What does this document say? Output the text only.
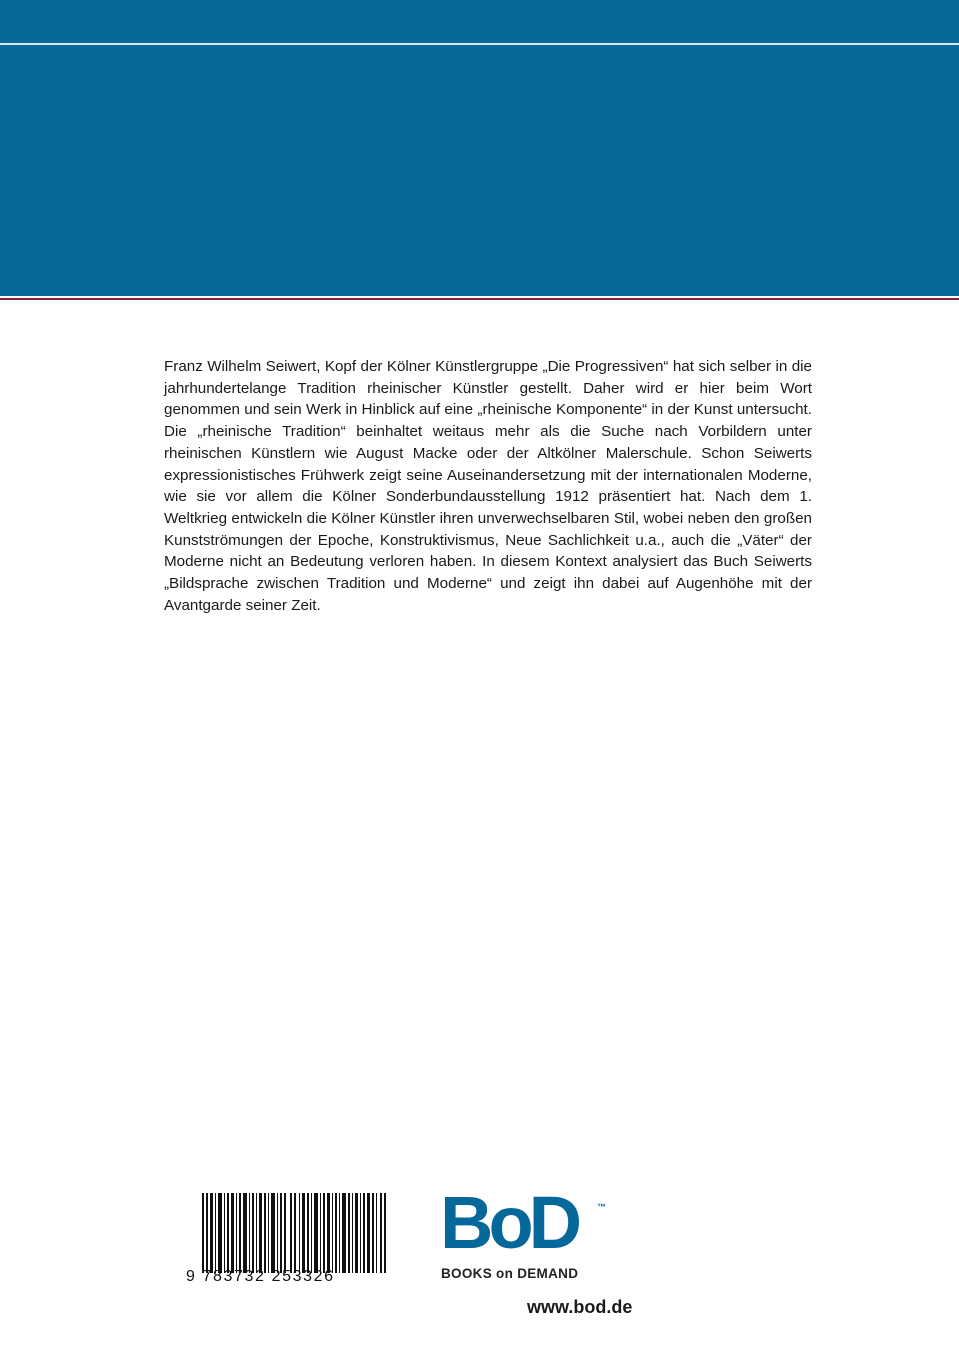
Franz Wilhelm Seiwert, Kopf der Kölner Künstlergruppe „Die Progressiven“ hat sich selber in die jahrhundertelange Tradition rheinischer Künstler gestellt. Daher wird er hier beim Wort genommen und sein Werk in Hinblick auf eine „rheinische Komponente“ in der Kunst untersucht. Die „rheinische Tradition“ beinhaltet weitaus mehr als die Suche nach Vorbildern unter rheinischen Künstlern wie August Macke oder der Altkölner Malerschule. Schon Seiwerts expressionistisches Frühwerk zeigt seine Auseinandersetzung mit der internationalen Moderne, wie sie vor allem die Kölner Sonderbundausstellung 1912 präsentiert hat. Nach dem 1. Weltkrieg entwickeln die Kölner Künstler ihren unverwechselbaren Stil, wobei neben den großen Kunstströmungen der Epoche, Konstruktivismus, Neue Sachlichkeit u.a., auch die „Väter“ der Moderne nicht an Bedeutung verloren haben. In diesem Kontext analysiert das Buch Seiwerts „Bildsprache zwischen Tradition und Moderne“ und zeigt ihn dabei auf Augenhöhe mit der Avantgarde seiner Zeit.

9 783732 253326
BoD ™
BOOKS on DEMAND
www.bod.de
